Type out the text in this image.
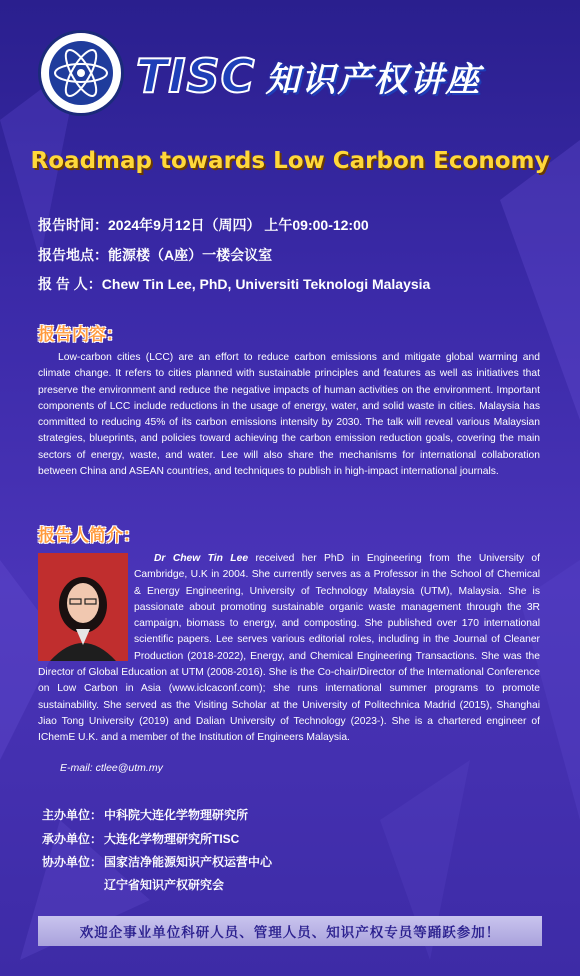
TISC 知识产权讲座
Roadmap towards Low Carbon Economy
报告时间：2024年9月12日（周四） 上午09:00-12:00
报告地点：能源楼（A座）一楼会议室
报 告 人：Chew Tin Lee, PhD, Universiti Teknologi Malaysia
报告内容：
Low-carbon cities (LCC) are an effort to reduce carbon emissions and mitigate global warming and climate change. It refers to cities planned with sustainable principles and features as well as initiatives that preserve the environment and reduce the negative impacts of human activities on the environment. Important components of LCC include reductions in the usage of energy, water, and solid waste in cities. Malaysia has committed to reducing 45% of its carbon emissions intensity by 2030. The talk will reveal various Malaysian strategies, blueprints, and policies toward achieving the carbon emission reduction goals, covering the main sectors of energy, waste, and water. Lee will also share the mechanisms for international collaboration between China and ASEAN countries, and techniques to publish in high-impact international journals.
报告人简介：
Dr Chew Tin Lee received her PhD in Engineering from the University of Cambridge, U.K in 2004. She currently serves as a Professor in the School of Chemical & Energy Engineering, University of Technology Malaysia (UTM), Malaysia. She is passionate about promoting sustainable organic waste management through the 3R campaign, biomass to energy, and composting. She published over 170 international scientific papers. Lee serves various editorial roles, including in the Journal of Cleaner Production (2018-2022), Energy, and Chemical Engineering Transactions. She was the Director of Global Education at UTM (2008-2016). She is the Co-chair/Director of the International Conference on Low Carbon in Asia (www.iclcaconf.com); she runs international summer programs to promote sustainability. She served as the Visiting Scholar at the University of Politechnica Madrid (2015), Shanghai Jiao Tong University (2019) and Dalian University of Technology (2023-). She is a chartered engineer of IChemE U.K. and a member of the Institution of Engineers Malaysia.
E-mail: ctlee@utm.my
主办单位： 中科院大连化学物理研究所
承办单位： 大连化学物理研究所TISC
协办单位： 国家洁净能源知识产权运营中心
辽宁省知识产权研究会
欢迎企事业单位科研人员、管理人员、知识产权专员等踊跃参加！
